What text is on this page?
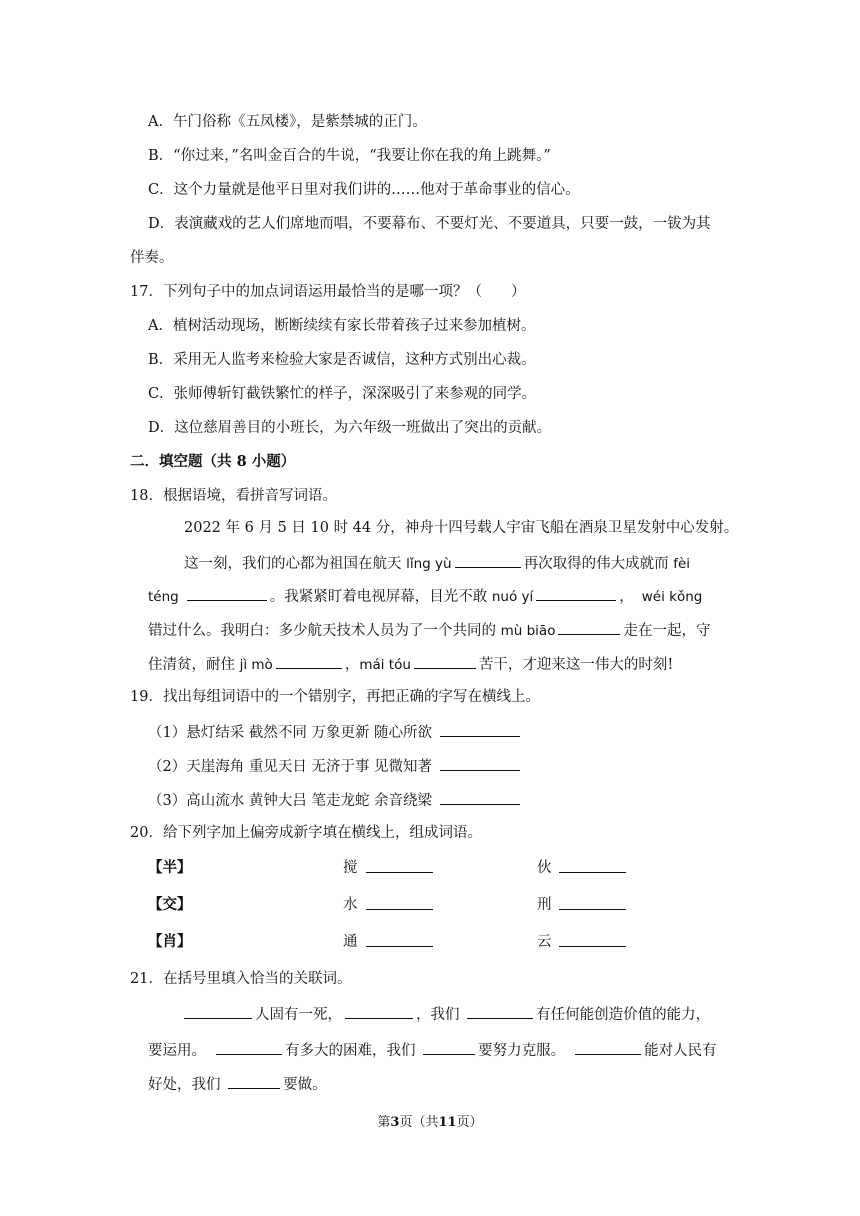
A．午门俗称《五凤楼》，是紫禁城的正门。
B．“你过来，”名叫金百合的牛说，“我要让你在我的角上跳舞。”
C．这个力量就是他平日里对我们讲的……他对于革命事业的信心。
D．表演藏戏的艺人们席地而唱，不要幕布、不要灯光、不要道具，只要一鼓，一钹为其
伴奏。
17．下列句子中的加点词语运用最恰当的是哪一项？（　　）
A．植树活动现场，断断续续有家长带着孩子过来参加植树。
B．采用无人监考来检验大家是否诚信，这种方式别出心裁。
C．张师傅斩钉截铁繁忙的样子，深深吸引了来参观的同学。
D．这位慈眉善目的小班长，为六年级一班做出了突出的贡献。
二．填空题（共 8 小题）
18．根据语境，看拼音写词语。
2022 年 6 月 5 日 10 时 44 分，神舟十四号载人宇宙飞船在酒泉卫星发射中心发射。
这一刻，我们的心都为祖国在航天 lǐng yù	再次取得的伟大成就而 fèi
téng	。我紧紧盯着电视屏幕，目光不敢 nuó yí	， wéi kǒng
错过什么。我明白：多少航天技术人员为了一个共同的 mù biāo	走在一起，守
住清贫，耐住 jì mò	，mái tóu	苦干，才迎来这一伟大的时刻!
19．找出每组词语中的一个错别字，再把正确的字写在横线上。
（1）悬灯结采 截然不同 万象更新 随心所欲
（2）天崖海角 重见天日 无济于事 见微知著
（3）高山流水 黄钟大吕 笔走龙蛇 余音绕梁
20．给下列字加上偏旁成新字填在横线上，组成词语。
【半】	搅	伙
【交】	水	刑
【肖】	通	云
21．在括号里填入恰当的关联词。
人固有一死，	，我们	有任何能创造价值的能力，
要运用。	有多大的困难，我们	要努力克服。	能对人民有
好处，我们	要做。
第3页（共11页）
